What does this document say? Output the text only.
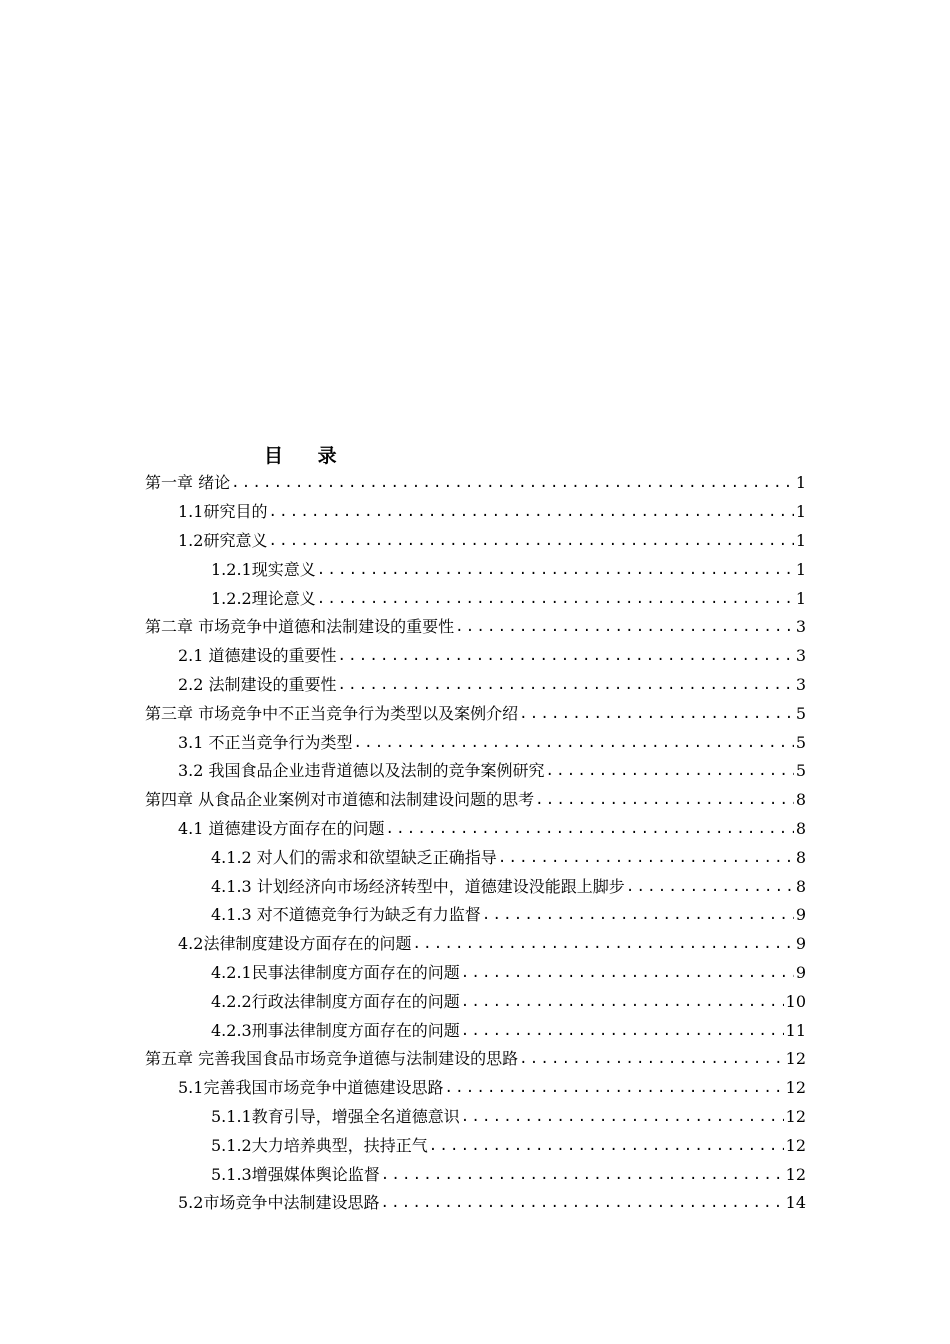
目 录
第一章 绪论 .....	1
1.1研究目的 .....	1
1.2研究意义 .....	1
1.2.1现实意义 .....	1
1.2.2理论意义 .....	1
第二章 市场竞争中道德和法制建设的重要性 .....	3
2.1 道德建设的重要性 .....	3
2.2 法制建设的重要性 .....	3
第三章 市场竞争中不正当竞争行为类型以及案例介绍 .....	5
3.1 不正当竞争行为类型 .....	5
3.2 我国食品企业违背道德以及法制的竞争案例研究 .....	5
第四章 从食品企业案例对市道德和法制建设问题的思考 .....	8
4.1 道德建设方面存在的问题 .....	8
4.1.2 对人们的需求和欲望缺乏正确指导 .....	8
4.1.3 计划经济向市场经济转型中，道德建设没能跟上脚步 .....	8
4.1.3 对不道德竞争行为缺乏有力监督 .....	9
4.2法律制度建设方面存在的问题 .....	9
4.2.1民事法律制度方面存在的问题 .....	9
4.2.2行政法律制度方面存在的问题 .....	10
4.2.3刑事法律制度方面存在的问题 .....	11
第五章 完善我国食品市场竞争道德与法制建设的思路 .....	12
5.1完善我国市场竞争中道德建设思路 .....	12
5.1.1教育引导，增强全名道德意识 .....	12
5.1.2大力培养典型，扶持正气 .....	12
5.1.3增强媒体舆论监督 .....	12
5.2市场竞争中法制建设思路 .....	14
